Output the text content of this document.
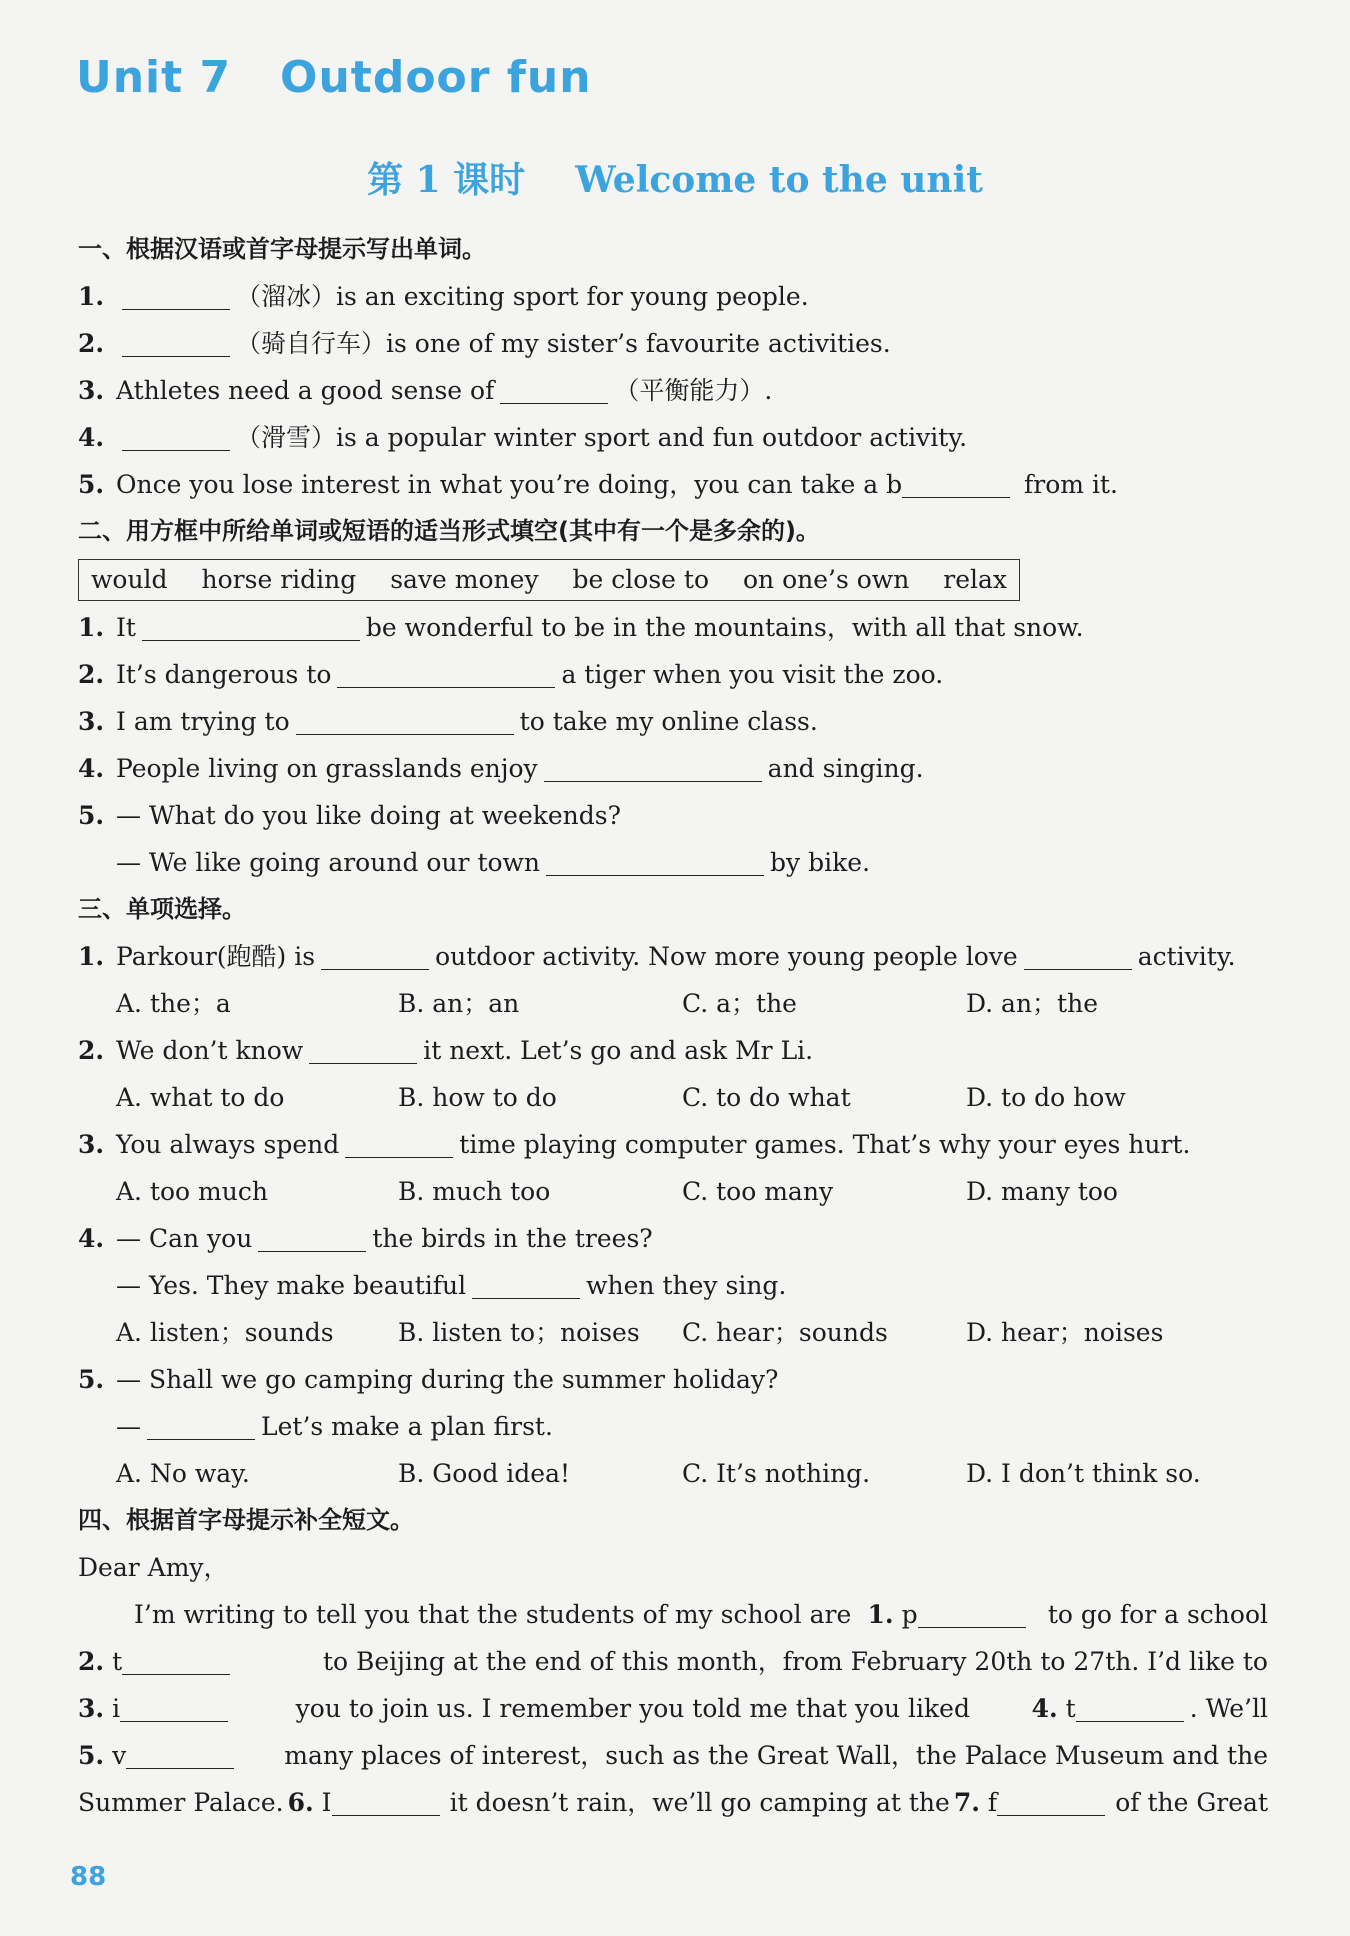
Unit 7   Outdoor fun
第 1 课时    Welcome to the unit
一、根据汉语或首字母提示写出单词。
1.	（溜冰）is an exciting sport for young people.
2.	（骑自行车）is one of my sister’s favourite activities.
3. Athletes need a good sense of	（平衡能力）.
4.	（滑雪）is a popular winter sport and fun outdoor activity.
5. Once you lose interest in what you’re doing，you can take a b	from it.
二、用方框中所给单词或短语的适当形式填空(其中有一个是多余的)。
would horse riding save money be close to on one’s own relax
1. It	be wonderful to be in the mountains，with all that snow.
2. It’s dangerous to	a tiger when you visit the zoo.
3. I am trying to	to take my online class.
4. People living on grasslands enjoy	and singing.
5. — What do you like doing at weekends?
— We like going around our town	by bike.
三、单项选择。
1. Parkour(跑酷) is	outdoor activity. Now more young people love	activity.
A. the；a	B. an；an	C. a；the	D. an；the
2. We don’t know	it next. Let’s go and ask Mr Li.
A. what to do	B. how to do	C. to do what	D. to do how
3. You always spend	time playing computer games. That’s why your eyes hurt.
A. too much	B. much too	C. too many	D. many too
4. — Can you	the birds in the trees?
— Yes. They make beautiful	when they sing.
A. listen；sounds	B. listen to；noises C. hear；sounds	D. hear；noises
5. — Shall we go camping during the summer holiday?
—	Let’s make a plan first.
A. No way.	B. Good idea!	C. It’s nothing.	D. I don’t think so.
四、根据首字母提示补全短文。
Dear Amy，
I’m writing to tell you that the students of my school are 1. p	to go for a school
2. t	to Beijing at the end of this month，from February 20th to 27th. I’d like to
3. i	you to join us. I remember you told me that you liked 4. t	. We’ll
5. v	many places of interest，such as the Great Wall，the Palace Museum and the
Summer Palace. 6. I	it doesn’t rain，we’ll go camping at the 7. f	of the Great
88
